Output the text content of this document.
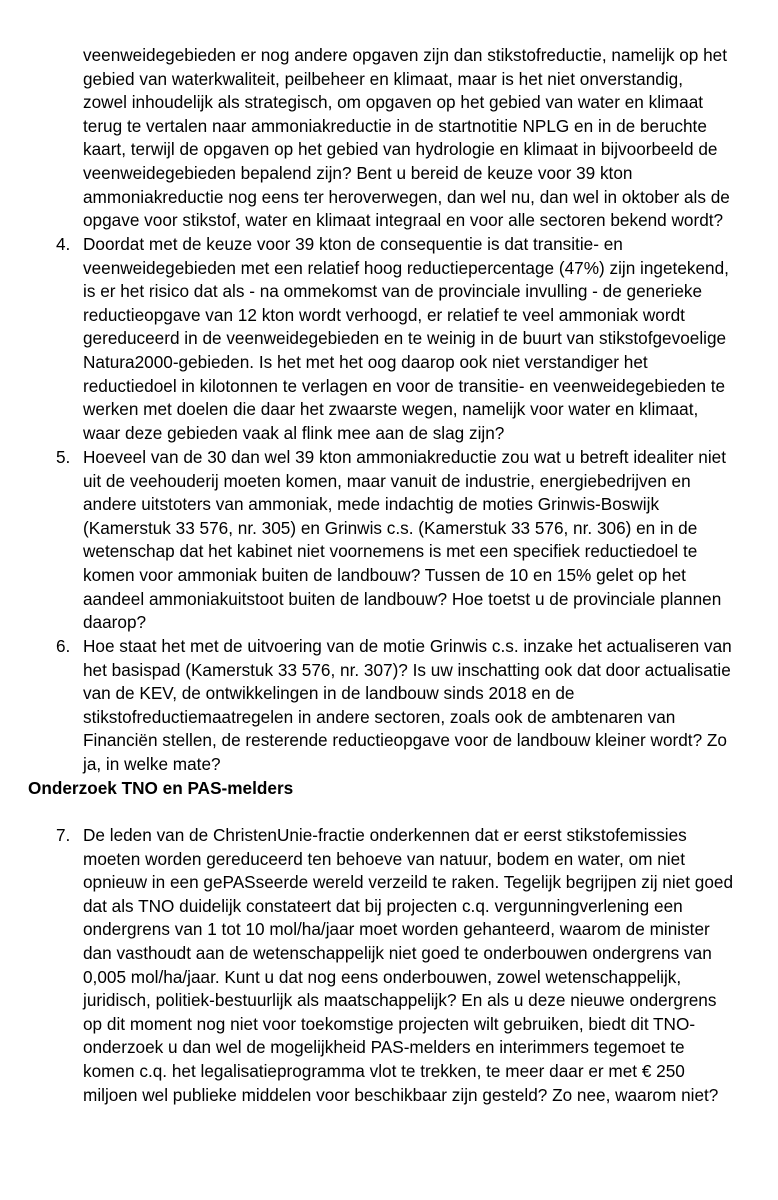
veenweidegebieden er nog andere opgaven zijn dan stikstofreductie, namelijk op het
gebied van waterkwaliteit, peilbeheer en klimaat, maar is het niet onverstandig,
zowel inhoudelijk als strategisch, om opgaven op het gebied van water en klimaat
terug te vertalen naar ammoniakreductie in de startnotitie NPLG en in de beruchte
kaart, terwijl de opgaven op het gebied van hydrologie en klimaat in bijvoorbeeld de
veenweidegebieden bepalend zijn? Bent u bereid de keuze voor 39 kton
ammoniakreductie nog eens ter heroverwegen, dan wel nu, dan wel in oktober als de
opgave voor stikstof, water en klimaat integraal en voor alle sectoren bekend wordt?
4. Doordat met de keuze voor 39 kton de consequentie is dat transitie- en
veenweidegebieden met een relatief hoog reductiepercentage (47%) zijn ingetekend,
is er het risico dat als - na ommekomst van de provinciale invulling - de generieke
reductieopgave van 12 kton wordt verhoogd, er relatief te veel ammoniak wordt
gereduceerd in de veenweidegebieden en te weinig in de buurt van stikstofgevoelige
Natura2000-gebieden. Is het met het oog daarop ook niet verstandiger het
reductiedoel in kilotonnen te verlagen en voor de transitie- en veenweidegebieden te
werken met doelen die daar het zwaarste wegen, namelijk voor water en klimaat,
waar deze gebieden vaak al flink mee aan de slag zijn?
5. Hoeveel van de 30 dan wel 39 kton ammoniakreductie zou wat u betreft idealiter niet
uit de veehouderij moeten komen, maar vanuit de industrie, energiebedrijven en
andere uitstoters van ammoniak, mede indachtig de moties Grinwis-Boswijk
(Kamerstuk 33 576, nr. 305) en Grinwis c.s. (Kamerstuk 33 576, nr. 306) en in de
wetenschap dat het kabinet niet voornemens is met een specifiek reductiedoel te
komen voor ammoniak buiten de landbouw? Tussen de 10 en 15% gelet op het
aandeel ammoniakuitstoot buiten de landbouw? Hoe toetst u de provinciale plannen
daarop?
6. Hoe staat het met de uitvoering van de motie Grinwis c.s. inzake het actualiseren van
het basispad (Kamerstuk 33 576, nr. 307)? Is uw inschatting ook dat door actualisatie
van de KEV, de ontwikkelingen in de landbouw sinds 2018 en de
stikstofreductiemaatregelen in andere sectoren, zoals ook de ambtenaren van
Financiën stellen, de resterende reductieopgave voor de landbouw kleiner wordt? Zo
ja, in welke mate?
Onderzoek TNO en PAS-melders
7. De leden van de ChristenUnie-fractie onderkennen dat er eerst stikstofemissies
moeten worden gereduceerd ten behoeve van natuur, bodem en water, om niet
opnieuw in een gePASseerde wereld verzeild te raken. Tegelijk begrijpen zij niet goed
dat als TNO duidelijk constateert dat bij projecten c.q. vergunningverlening een
ondergrens van 1 tot 10 mol/ha/jaar moet worden gehanteerd, waarom de minister
dan vasthoudt aan de wetenschappelijk niet goed te onderbouwen ondergrens van
0,005 mol/ha/jaar. Kunt u dat nog eens onderbouwen, zowel wetenschappelijk,
juridisch, politiek-bestuurlijk als maatschappelijk? En als u deze nieuwe ondergrens
op dit moment nog niet voor toekomstige projecten wilt gebruiken, biedt dit TNO-
onderzoek u dan wel de mogelijkheid PAS-melders en interimmers tegemoet te
komen c.q. het legalisatieprogramma vlot te trekken, te meer daar er met € 250
miljoen wel publieke middelen voor beschikbaar zijn gesteld? Zo nee, waarom niet?
